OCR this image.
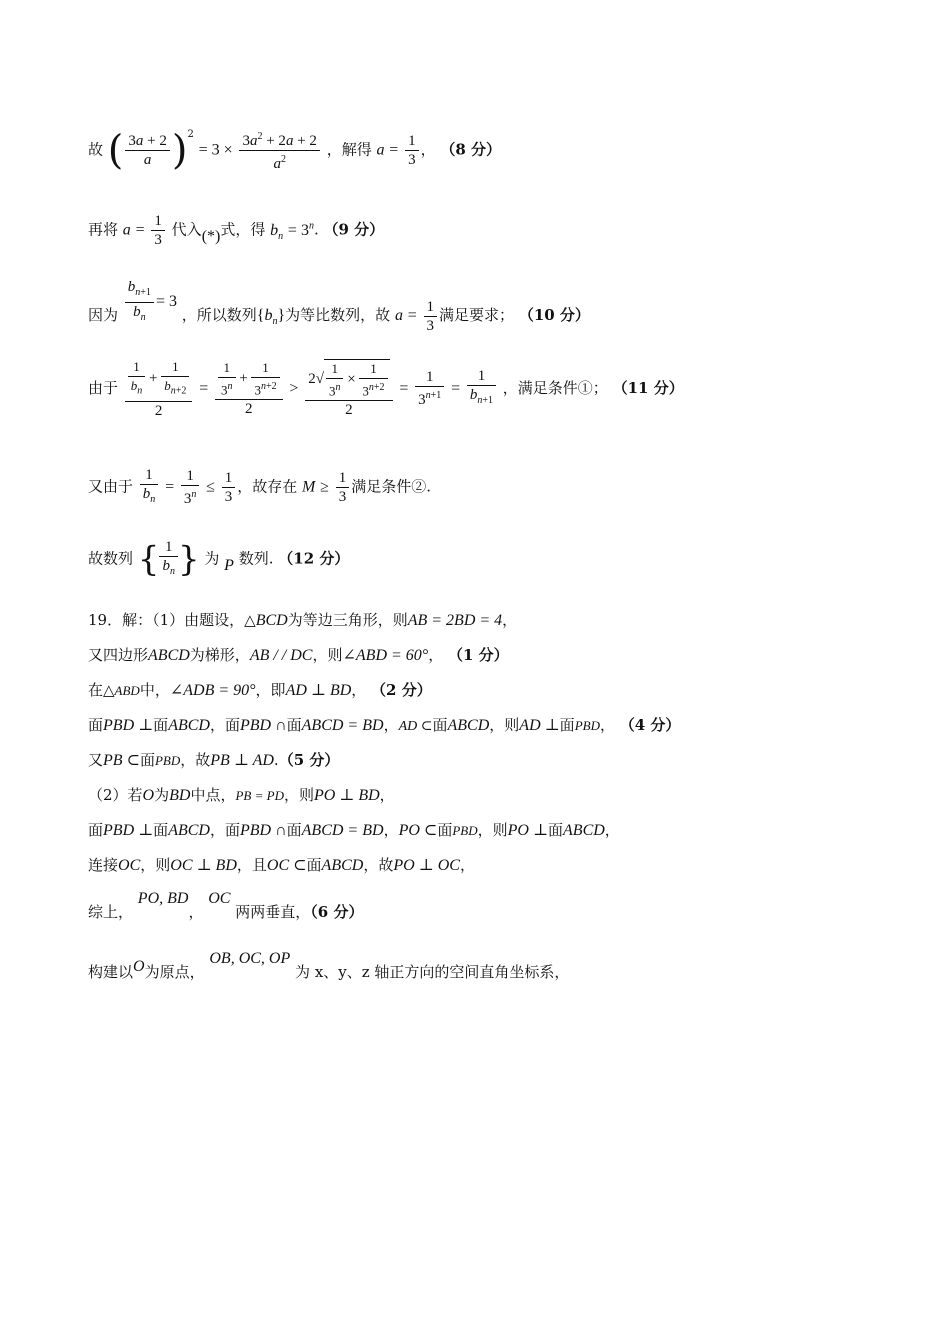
故 ( $\frac{3a + 2}{a} )^2 = 3 \times \frac{3a^2 + 2a + 2}{a^2}$ ，解得 $a = \frac{1}{3}$ ， （8 分）
再将 $a = \frac{1}{3}$ 代入(*)式，得 $b_n = 3^n$. （9 分）
因为 $\frac{b_{n+1}}{b_n} = 3$ ，所以数列$\{b_n\}$为等比数列，故 $a = \frac{1}{3}$ 满足要求； （10 分）
由于 $\frac{\frac{1}{b_n} + \frac{1}{b_{n+2}}}{2} = \frac{\frac{1}{3^n} + \frac{1}{3^{n+2}}}{2} > \frac{2√ \frac{1}{3^n} \times \frac{1}{3^{n+2}}}{2} = \frac{1}{3^{n+1}} = \frac{1}{b_{n+1}}$ ，满足条件①； （11 分）
又由于 $\frac{1}{b_n} = \frac{1}{3^n} \le \frac{1}{3}$ ，故存在 $M \ge \frac{1}{3}$ 满足条件②.
故数列 { $\frac{1}{b_n}$ } 为 P 数列. （12 分）
19．解：（1）由题设，△BCD为等边三角形，则AB = 2BD = 4，
又四边形ABCD为梯形，AB / / DC，则∠ABD = 60°， （1 分）
在△ABD中，∠ADB = 90°，即AD ⊥ BD， （2 分）
面PBD ⊥面ABCD，面PBD ∩面ABCD = BD，AD ⊂面ABCD，则AD ⊥面PBD， （4 分）
又PB ⊂面PBD，故PB ⊥ AD.（5 分）
（2）若O为BD中点，PB = PD，则PO ⊥ BD，
面PBD ⊥面ABCD，面PBD ∩面ABCD = BD，PO ⊂面PBD，则PO ⊥面ABCD，
连接OC，则OC ⊥ BD，且OC ⊂面ABCD，故PO ⊥ OC，
综上， PO, BD， OC 两两垂直，（6 分）
构建以O为原点， OB, OC, OP 为 x、y、z 轴正方向的空间直角坐标系，
